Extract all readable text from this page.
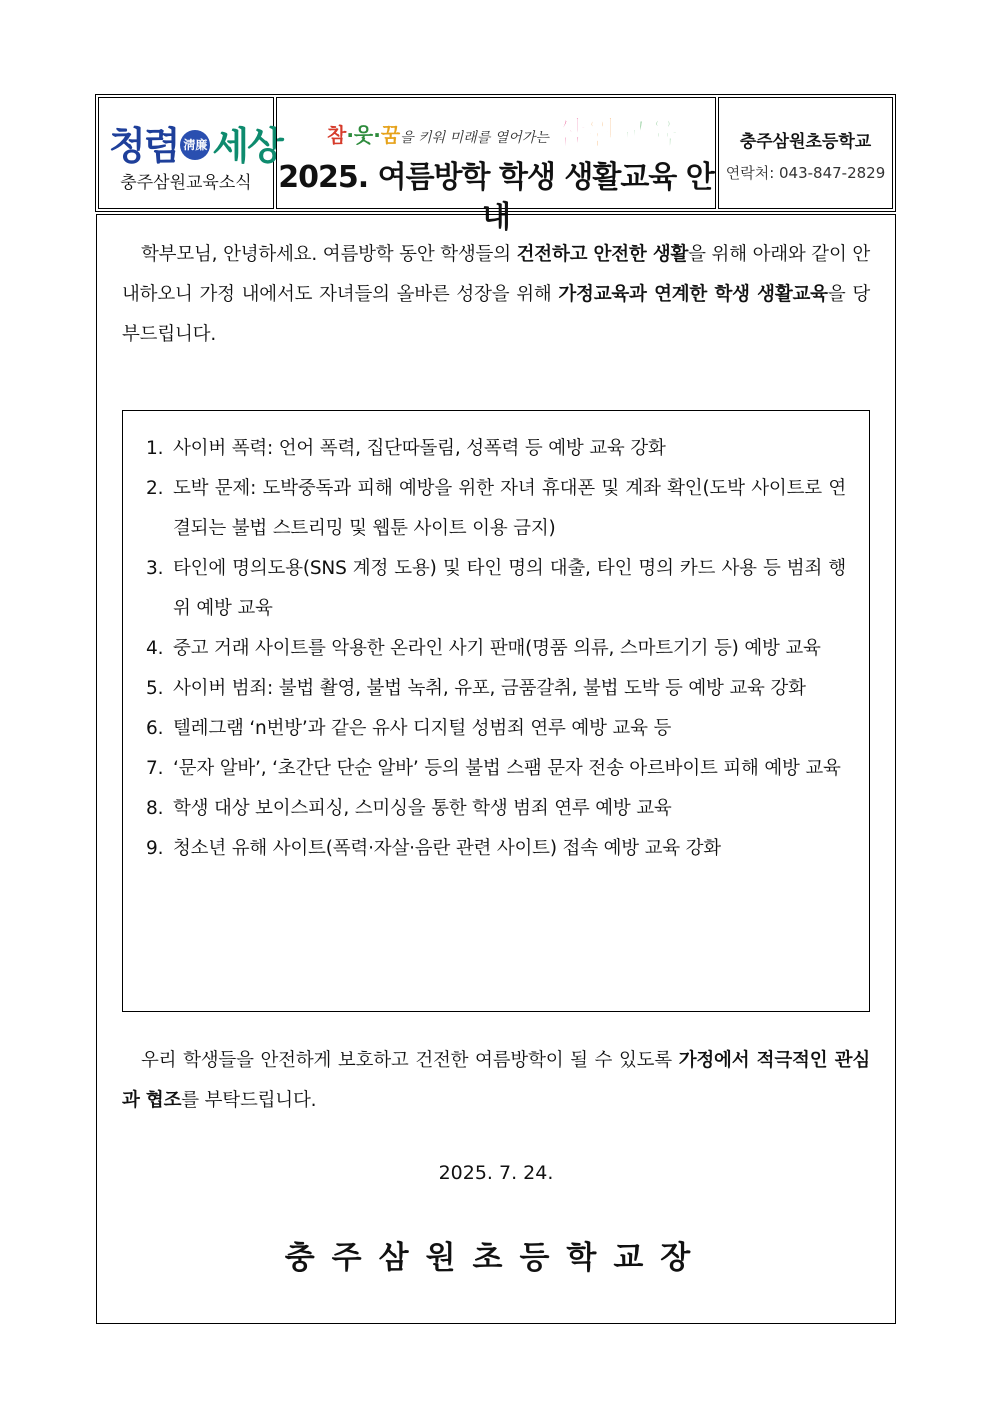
청렴 淸廉 세상
충주삼원교육소식
참·웃·꿈을 키워 미래를 열어가는 삼원교육
2025. 여름방학 학생 생활교육 안내
충주삼원초등학교
연락처: 043-847-2829
학부모님, 안녕하세요. 여름방학 동안 학생들의 건전하고 안전한 생활을 위해 아래와 같이 안내하오니 가정 내에서도 자녀들의 올바른 성장을 위해 가정교육과 연계한 학생 생활교육을 당부드립니다.
1. 사이버 폭력: 언어 폭력, 집단따돌림, 성폭력 등 예방 교육 강화
2. 도박 문제: 도박중독과 피해 예방을 위한 자녀 휴대폰 및 계좌 확인(도박 사이트로 연결되는 불법 스트리밍 및 웹툰 사이트 이용 금지)
3. 타인에 명의도용(SNS 계정 도용) 및 타인 명의 대출, 타인 명의 카드 사용 등 범죄 행위 예방 교육
4. 중고 거래 사이트를 악용한 온라인 사기 판매(명품 의류, 스마트기기 등) 예방 교육
5. 사이버 범죄: 불법 촬영, 불법 녹취, 유포, 금품갈취, 불법 도박 등 예방 교육 강화
6. 텔레그램 ‘n번방’과 같은 유사 디지털 성범죄 연루 예방 교육 등
7. ‘문자 알바’, ‘초간단 단순 알바’ 등의 불법 스팸 문자 전송 아르바이트 피해 예방 교육
8. 학생 대상 보이스피싱, 스미싱을 통한 학생 범죄 연루 예방 교육
9. 청소년 유해 사이트(폭력·자살·음란 관련 사이트) 접속 예방 교육 강화
우리 학생들을 안전하게 보호하고 건전한 여름방학이 될 수 있도록 가정에서 적극적인 관심과 협조를 부탁드립니다.
2025. 7. 24.
충주삼원초등학교장
